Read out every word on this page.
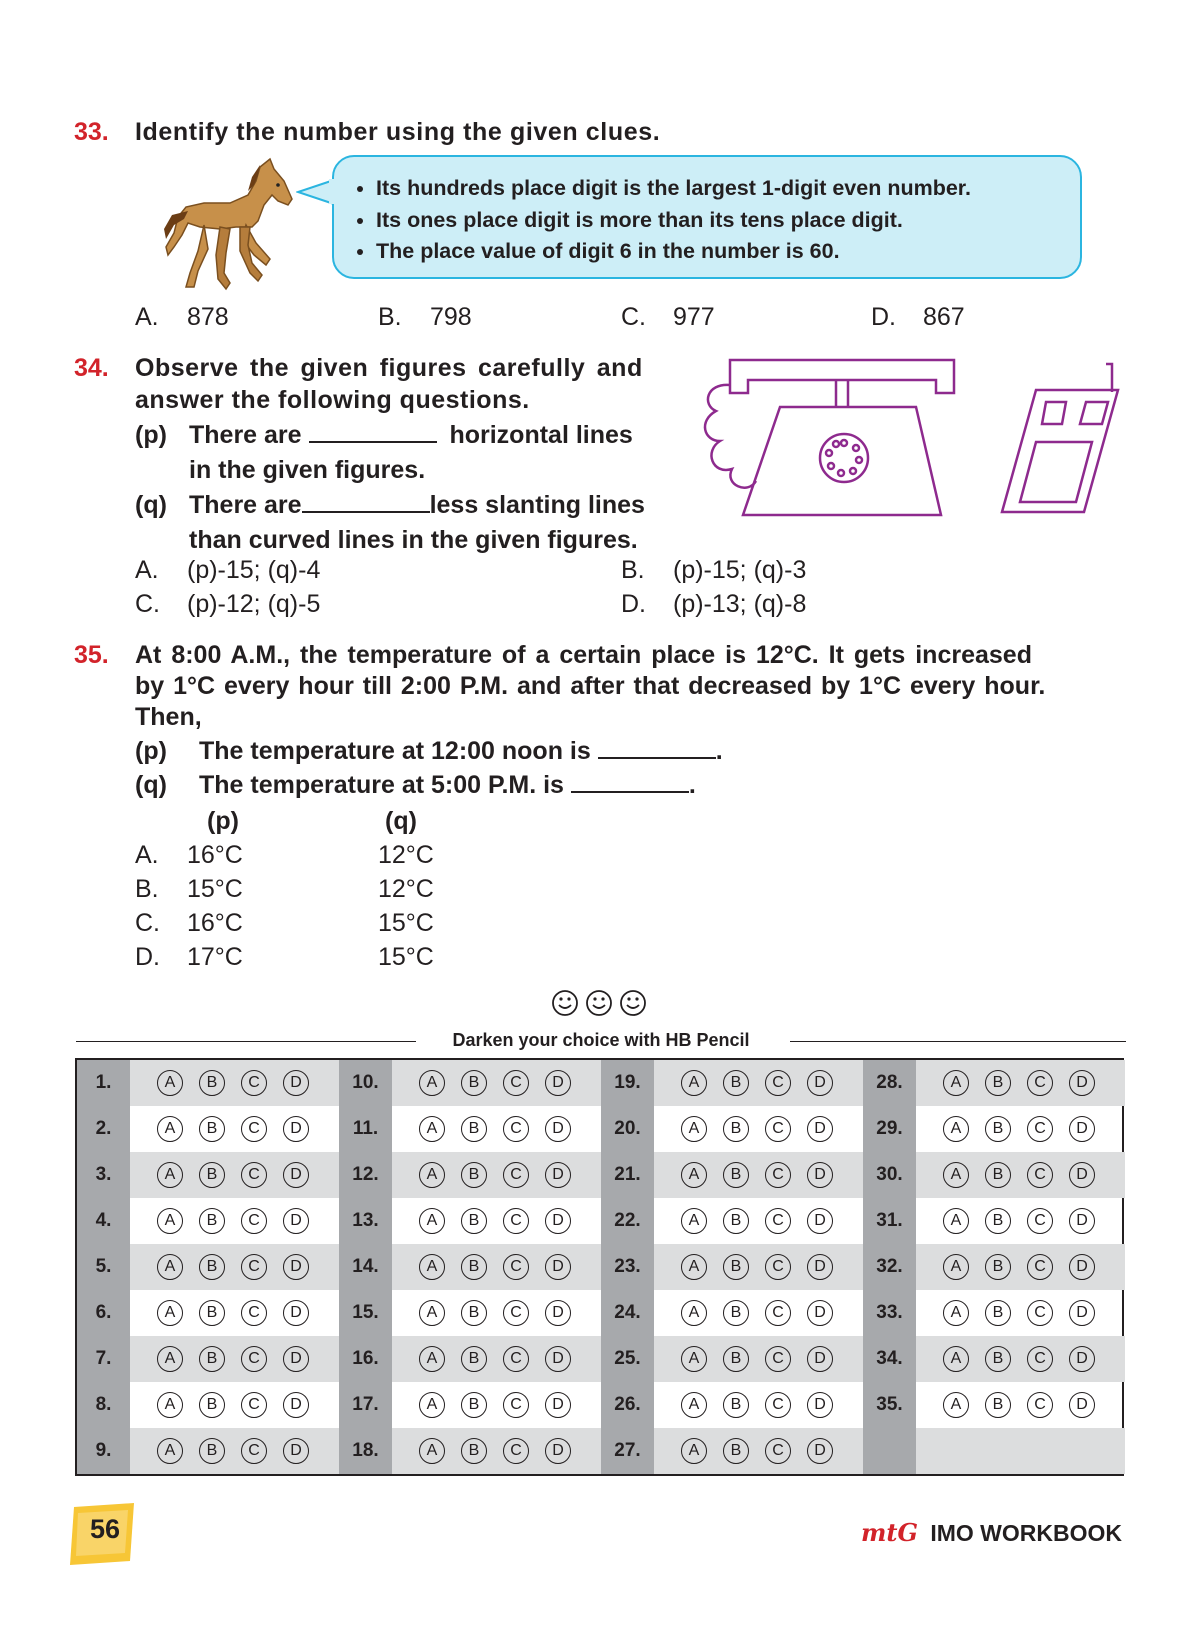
33. Identify the number using the given clues.
• Its hundreds place digit is the largest 1-digit even number.
• Its ones place digit is more than its tens place digit.
• The place value of digit 6 in the number is 60.
A. 878	B. 798	C. 977	D. 867
34. Observe the given figures carefully and
answer the following questions.
(p) There are	horizontal lines
in the given figures.
(q) There are	less slanting lines
than curved lines in the given figures.
A. (p)-15; (q)-4	B. (p)-15; (q)-3
C. (p)-12; (q)-5	D. (p)-13; (q)-8
35. At 8:00 A.M., the temperature of a certain place is 12°C. It gets increased
by 1°C every hour till 2:00 P.M. and after that decreased by 1°C every hour.
Then,
(p) The temperature at 12:00 noon is	.
(q) The temperature at 5:00 P.M. is	.
(p)	(q)
A. 16°C	12°C
B. 15°C	12°C
C. 16°C	15°C
D. 17°C	15°C
Darken your choice with HB Pencil
1.	A	B	C	D
2.	A	B	C	D
3.	A	B	C	D
4.	A	B	C	D
5.	A	B	C	D
6.	A	B	C	D
7.	A	B	C	D
8.	A	B	C	D
9.	A	B	C	D
10.	A	B	C	D
11.	A	B	C	D
12.	A	B	C	D
13.	A	B	C	D
14.	A	B	C	D
15.	A	B	C	D
16.	A	B	C	D
17.	A	B	C	D
18.	A	B	C	D
19.	A	B	C	D
20.	A	B	C	D
21.	A	B	C	D
22.	A	B	C	D
23.	A	B	C	D
24.	A	B	C	D
25.	A	B	C	D
26.	A	B	C	D
27.	A	B	C	D
28.	A	B	C	D
29.	A	B	C	D
30.	A	B	C	D
31.	A	B	C	D
32.	A	B	C	D
33.	A	B	C	D
34.	A	B	C	D
35.	A	B	C	D
56	mtG IMO WORKBOOK
